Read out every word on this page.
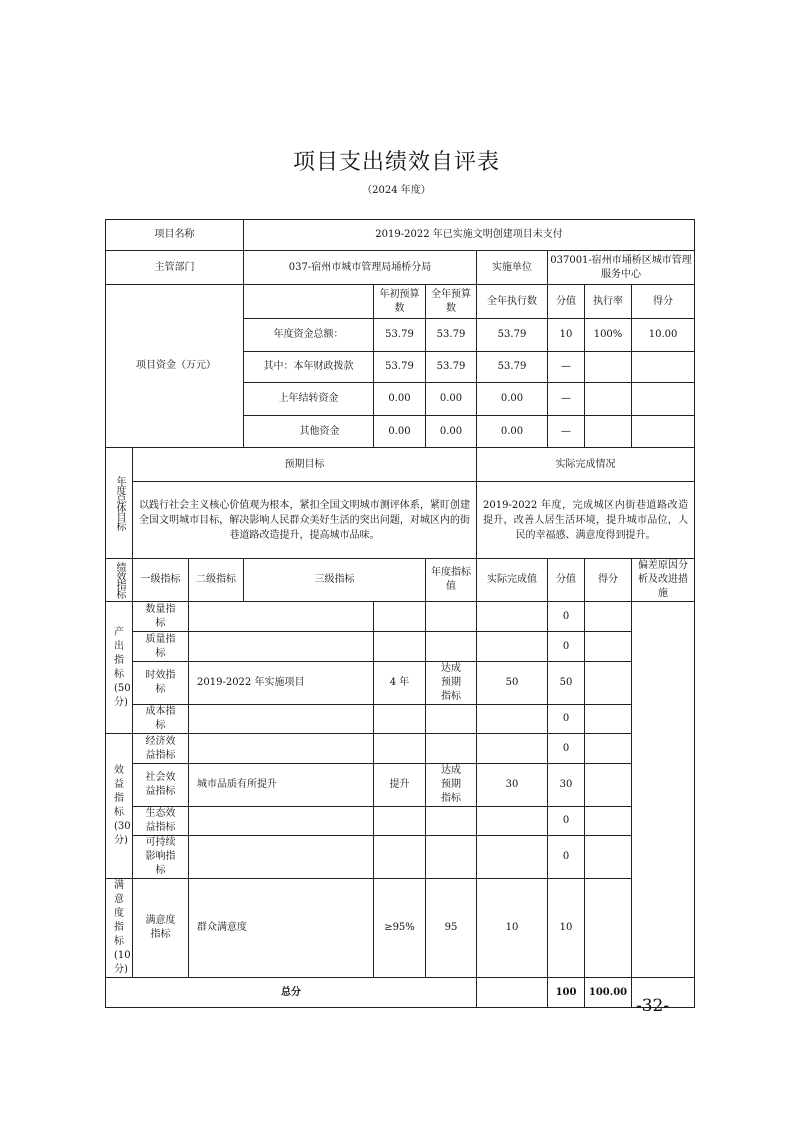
项目支出绩效自评表
（2024 年度）
项目名称			2019-2022 年已实施文明创建项目未支付						
主管部门			037-宿州市城市管理局埇桥分局			实施单位	037001-宿州市埇桥区城市管理服务中心		
项目资金（万元）				年初预算数	全年预算数	全年执行数	分值	执行率	得分
			年度资金总额：	53.79	53.79	53.79	10	100%	10.00
			其中：本年财政拨款	53.79	53.79	53.79	—		
			上年结转资金	0.00	0.00	0.00	—		
			其他资金	0.00	0.00	0.00	—		
年度总体目标	预期目标					实际完成情况			
	以践行社会主义核心价值观为根本，紧扣全国文明城市测评体系，紧盯创建全国文明城市目标，解决影响人民群众美好生活的突出问题，对城区内的街巷道路改造提升，提高城市品味。					2019-2022 年度，完成城区内街巷道路改造提升，改善人居生活环境，提升城市品位，人民的幸福感、满意度得到提升。			
绩效指标	一级指标	二级指标	三级指标		年度指标值	实际完成值	分值	得分	偏差原因分析及改进措施
产出指标(50分)	数量指标						0		
	质量指标						0		
	时效指标	2019-2022 年实施项目		4 年	达成预期指标	50	50		
	成本指标						0		
效益指标(30分)	经济效益指标						0		
	社会效益指标	城市品质有所提升		提升	达成预期指标	30	30		
	生态效益指标						0		
	可持续影响指标						0		
满意度指标(10分)	满意度指标	群众满意度		≥95%	95	10	10		
总分							100	100.00	
-32-
